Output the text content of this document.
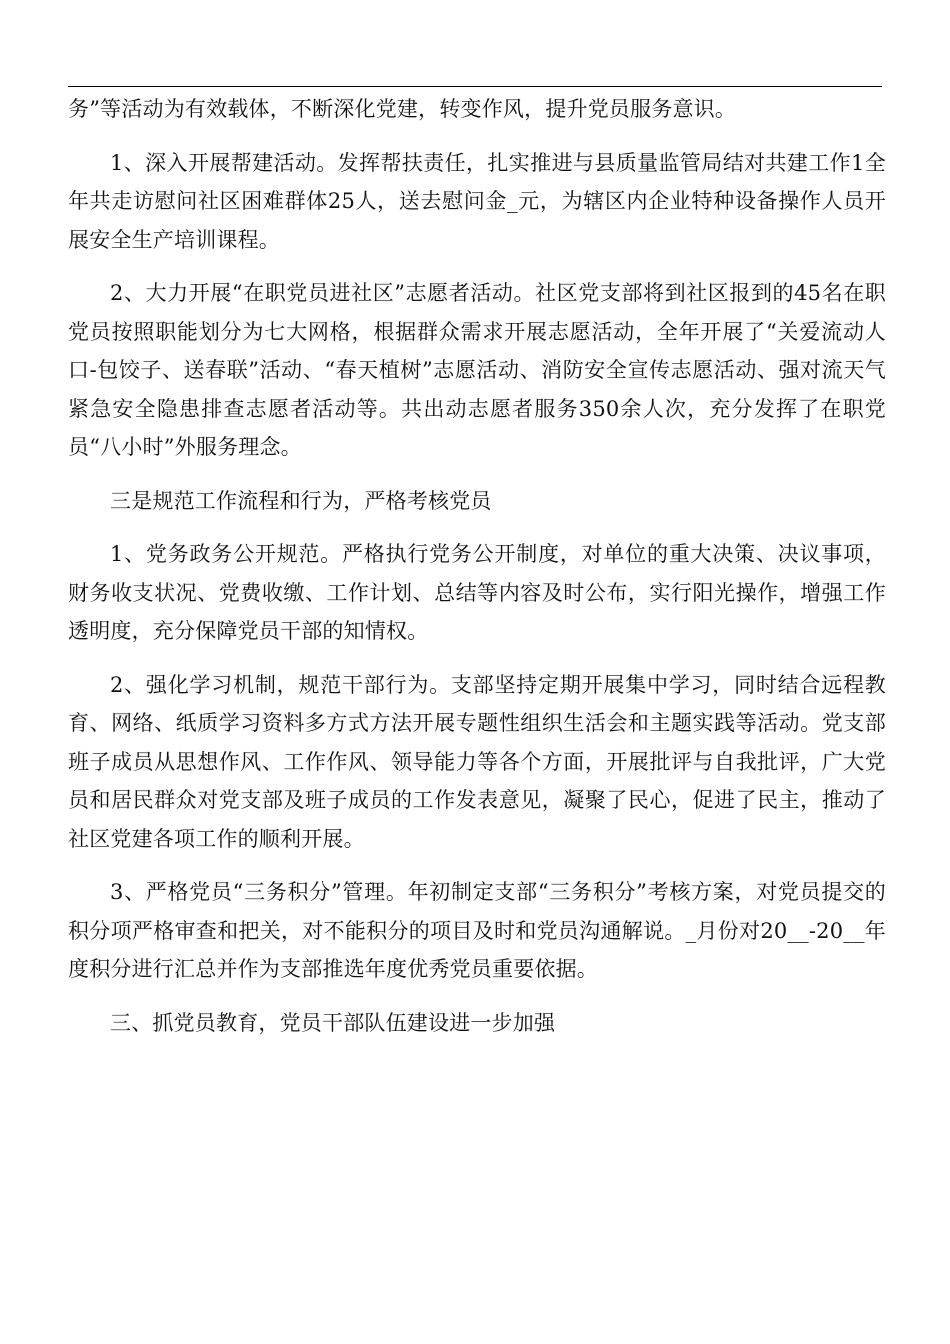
务”等活动为有效载体，不断深化党建，转变作风，提升党员服务意识。

1、深入开展帮建活动。发挥帮扶责任，扎实推进与县质量监管局结对共建工作1全年共走访慰问社区困难群体25人，送去慰问金_元，为辖区内企业特种设备操作人员开展安全生产培训课程。

2、大力开展“在职党员进社区”志愿者活动。社区党支部将到社区报到的45名在职党员按照职能划分为七大网格，根据群众需求开展志愿活动，全年开展了“关爱流动人口-包饺子、送春联”活动、“春天植树”志愿活动、消防安全宣传志愿活动、强对流天气紧急安全隐患排查志愿者活动等。共出动志愿者服务350余人次，充分发挥了在职党员“八小时”外服务理念。

三是规范工作流程和行为，严格考核党员

1、党务政务公开规范。严格执行党务公开制度，对单位的重大决策、决议事项，财务收支状况、党费收缴、工作计划、总结等内容及时公布，实行阳光操作，增强工作透明度，充分保障党员干部的知情权。

2、强化学习机制，规范干部行为。支部坚持定期开展集中学习，同时结合远程教育、网络、纸质学习资料多方式方法开展专题性组织生活会和主题实践等活动。党支部班子成员从思想作风、工作作风、领导能力等各个方面，开展批评与自我批评，广大党员和居民群众对党支部及班子成员的工作发表意见，凝聚了民心，促进了民主，推动了社区党建各项工作的顺利开展。

3、严格党员“三务积分”管理。年初制定支部“三务积分”考核方案，对党员提交的积分项严格审查和把关，对不能积分的项目及时和党员沟通解说。_月份对20__-20__年度积分进行汇总并作为支部推选年度优秀党员重要依据。

三、抓党员教育，党员干部队伍建设进一步加强
